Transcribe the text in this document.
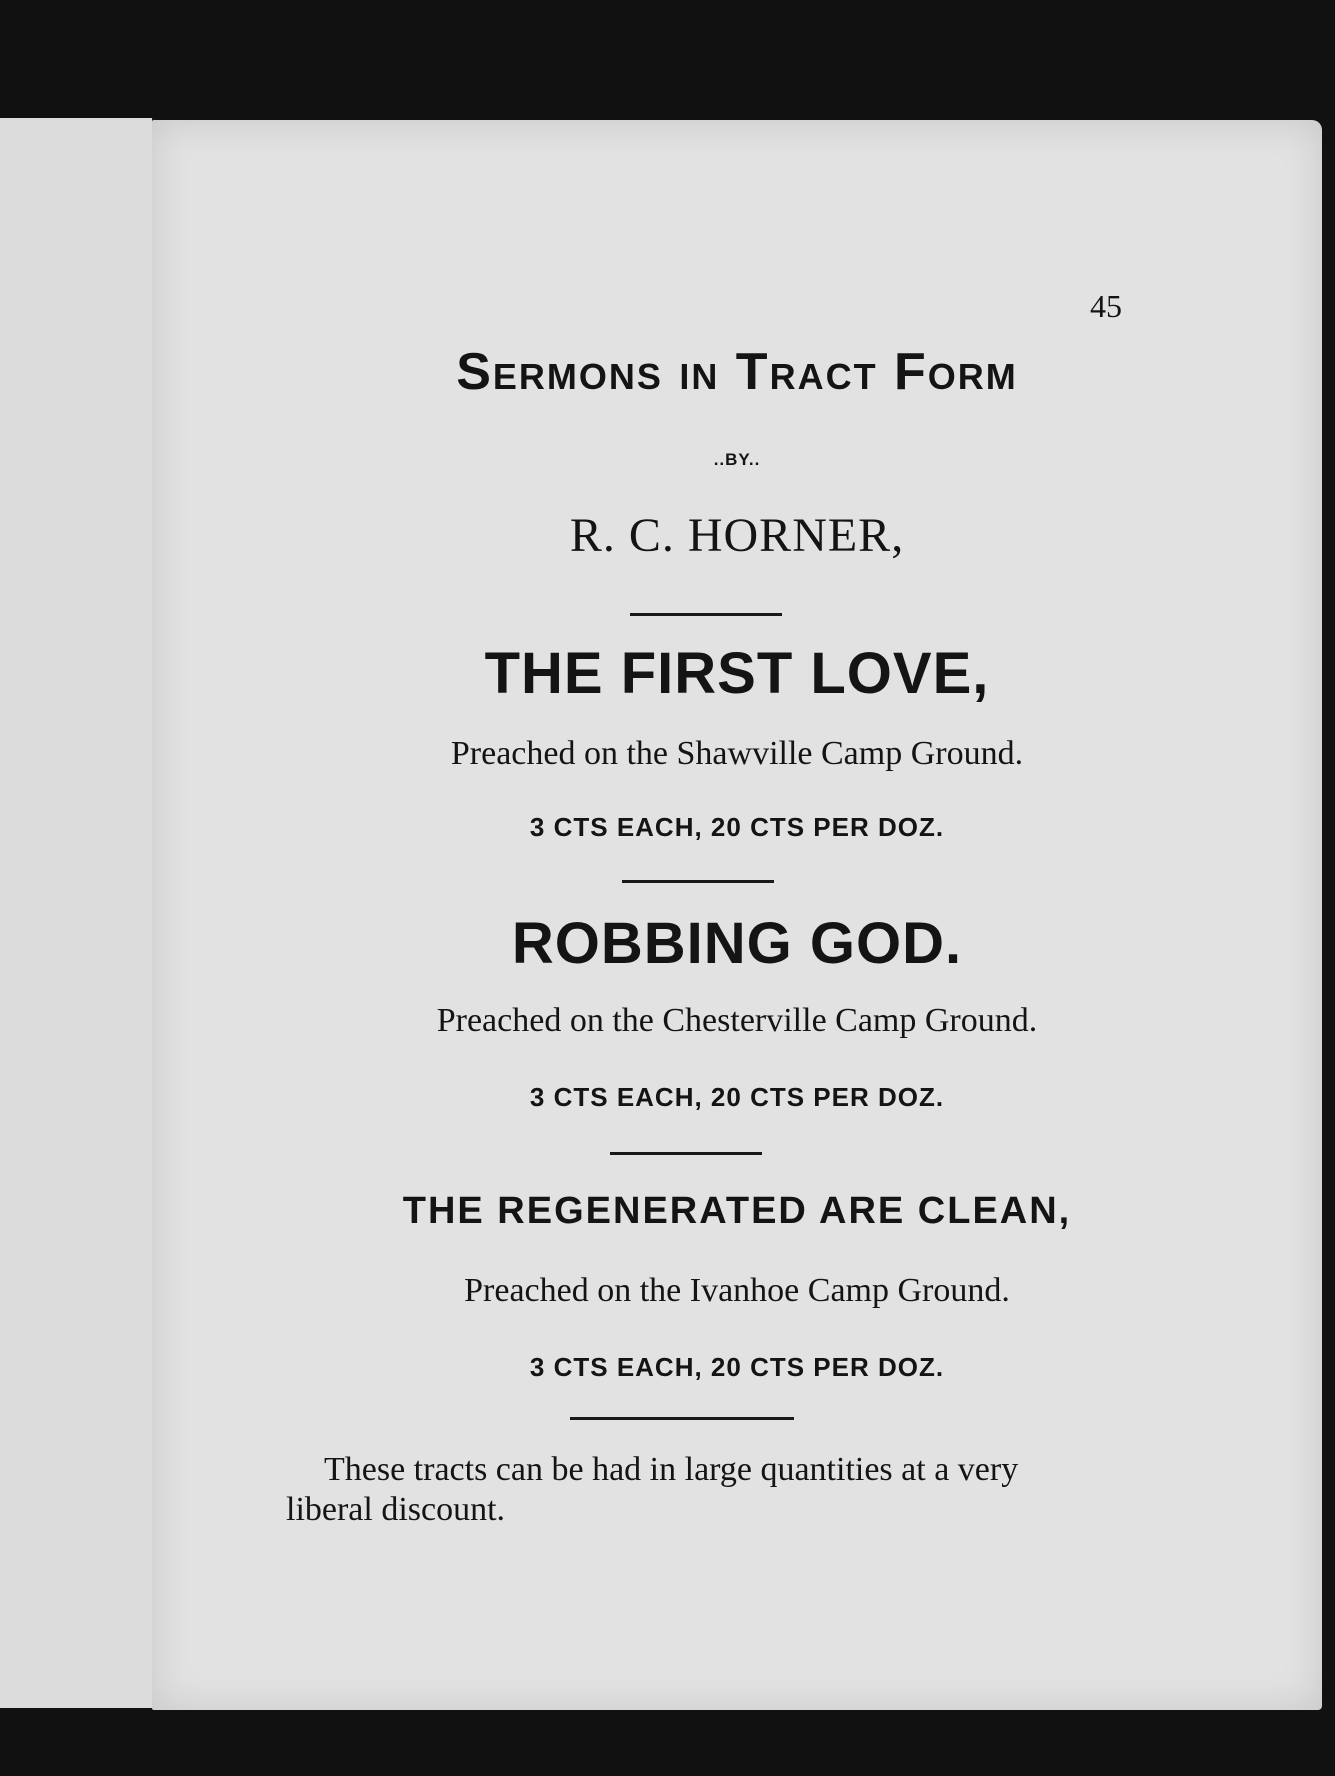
45

Sermons in Tract Form

..BY..

R. C. HORNER,

THE FIRST LOVE,

Preached on the Shawville Camp Ground.

3 CTS EACH, 20 CTS PER DOZ.

ROBBING GOD.

Preached on the Chesterville Camp Ground.

3 CTS EACH, 20 CTS PER DOZ.

THE REGENERATED ARE CLEAN,

Preached on the Ivanhoe Camp Ground.

3 CTS EACH, 20 CTS PER DOZ.

These tracts can be had in large quantities at a very liberal discount.
